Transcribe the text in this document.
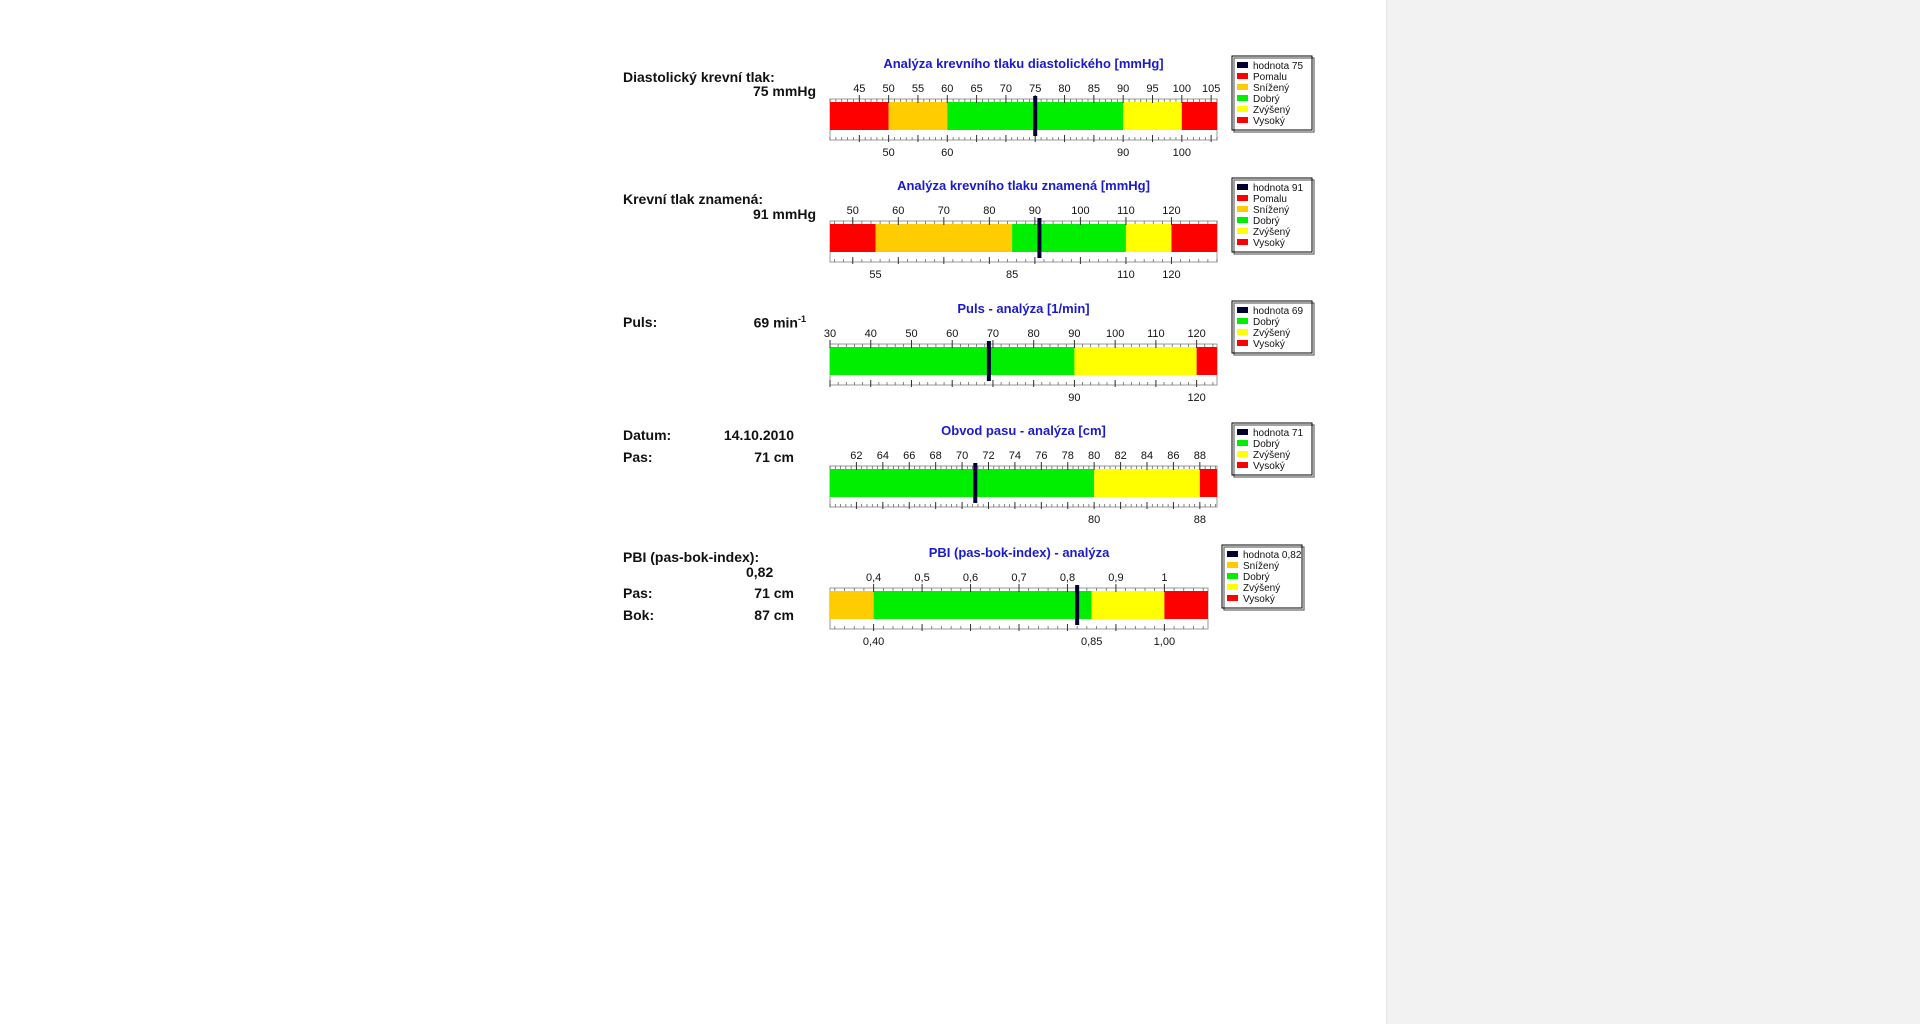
Diastolický krevní tlak:
75 mmHg
Analýza krevního tlaku diastolického [mmHg]
45 50 55 60 65 70 75 80 85 90 95 100 105
50	60	90	100
hodnota 75
Pomalu
Snížený
Dobrý
Zvýšený
Vysoký
Krevní tlak znamená:
91 mmHg
Analýza krevního tlaku znamená [mmHg]
50	60	70	80	90	100	110	120
55	85	110	120
hodnota 91
Pomalu
Snížený
Dobrý
Zvýšený
Vysoký
Puls:	69 $\min^{-1}$
Puls - analýza [1/min]
30	40	50	60	70	80	90 100 110 120
90	120
hodnota 69
Dobrý
Zvýšený
Vysoký
Datum:	14.10.2010
Pas:	71 cm
Obvod pasu - analýza [cm]
62 64 66 68 70 72 74 76 78 80 82 84 86 88
80	88
hodnota 71
Dobrý
Zvýšený
Vysoký
PBI (pas-bok-index):
0,82
Pas:	71 cm
Bok:	87 cm
PBI (pas-bok-index) - analýza
0,4	0,5	0,6	0,7	0,8	0,9	1
0,40	0,85	1,00
hodnota 0,82
Snížený
Dobrý
Zvýšený
Vysoký
